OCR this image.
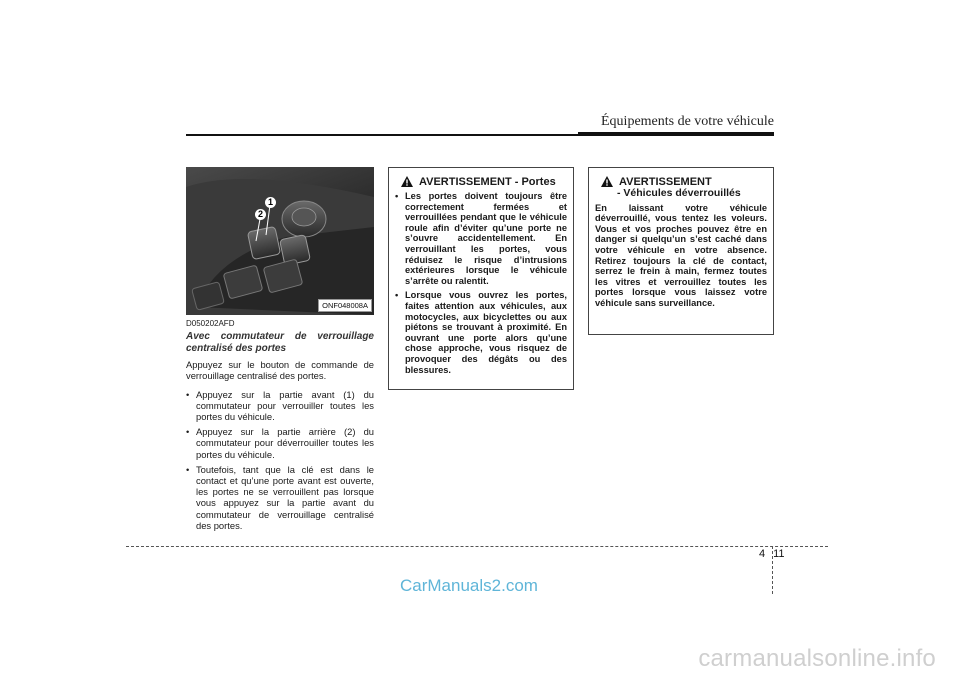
Équipements de votre véhicule
1
2
ONF048008A
D050202AFD
Avec commutateur de verrouillage centralisé des portes
Appuyez sur le bouton de commande de verrouillage centralisé des portes.
• Appuyez sur la partie avant (1) du commutateur pour verrouiller toutes les portes du véhicule.
• Appuyez sur la partie arrière (2) du commutateur pour déverrouiller toutes les portes du véhicule.
• Toutefois, tant que la clé est dans le contact et qu’une porte avant est ouverte, les portes ne se verrouillent pas lorsque vous appuyez sur la partie avant du commutateur de verrouillage centralisé des portes.
AVERTISSEMENT - Portes
• Les portes doivent toujours être correctement fermées et verrouillées pendant que le véhicule roule afin d’éviter qu’une porte ne s’ouvre accidentellement. En verrouillant les portes, vous réduisez le risque d’intrusions extérieures lorsque le véhicule s’arrête ou ralentit.
• Lorsque vous ouvrez les portes, faites attention aux véhicules, aux motocycles, aux bicyclettes ou aux piétons se trouvant à proximité. En ouvrant une porte alors qu’une chose approche, vous risquez de provoquer des dégâts ou des blessures.
AVERTISSEMENT
- Véhicules déverrouillés

En laissant votre véhicule déverrouillé, vous tentez les voleurs. Vous et vos proches pouvez être en danger si quelqu’un s’est caché dans votre véhicule en votre absence. Retirez toujours la clé de contact, serrez le frein à main, fermez toutes les vitres et verrouillez toutes les portes lorsque vous laissez votre véhicule sans surveillance.

4 11
CarManuals2.com
carmanualsonline.info
